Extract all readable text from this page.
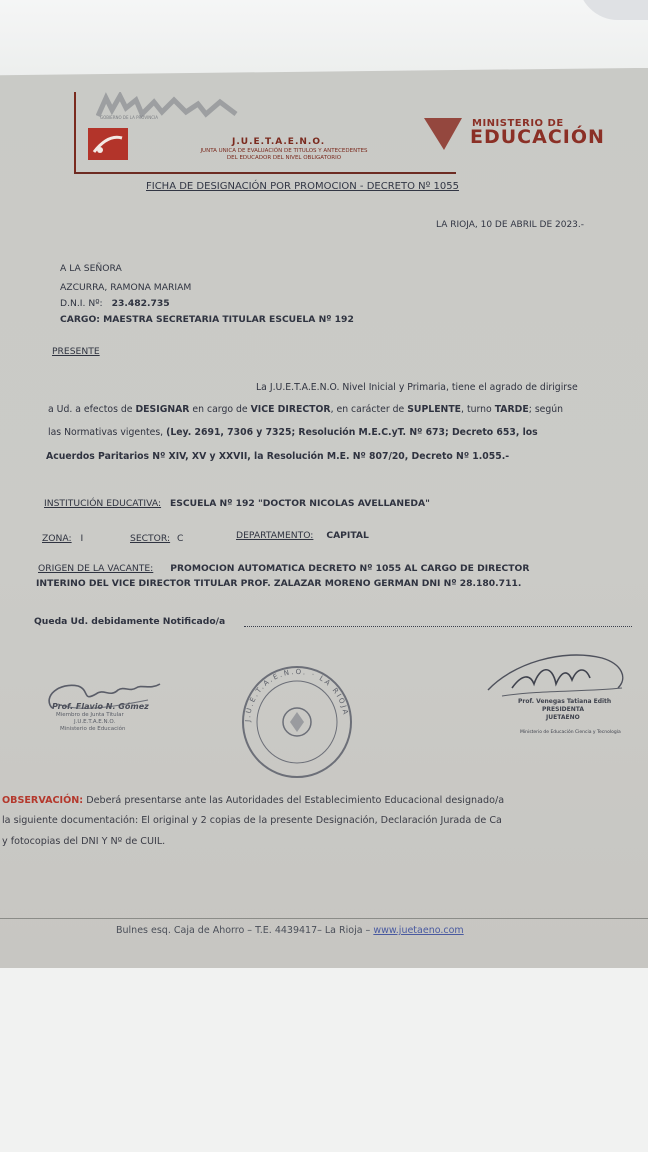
GOBIERNO DE LA PROVINCIA
J.U.E.T.A.E.N.O.
JUNTA UNICA DE EVALUACIÓN DE TITULOS Y ANTECEDENTES
DEL EDUCADOR DEL NIVEL OBLIGATORIO
MINISTERIO DE
EDUCACIÓN
FICHA DE DESIGNACIÓN POR PROMOCION - DECRETO Nº 1055
LA RIOJA, 10 DE ABRIL DE 2023.-
A LA SEÑORA
AZCURRA, RAMONA MARIAM
D.N.I. Nº: 23.482.735
CARGO: MAESTRA SECRETARIA TITULAR ESCUELA Nº 192
PRESENTE
La J.U.E.T.A.E.N.O. Nivel Inicial y Primaria, tiene el agrado de dirigirse
a Ud. a efectos de DESIGNAR en cargo de VICE DIRECTOR, en carácter de SUPLENTE, turno TARDE; según
las Normativas vigentes, (Ley. 2691, 7306 y 7325; Resolución M.E.C.yT. Nº 673; Decreto 653, los
Acuerdos Paritarios Nº XIV, XV y XXVII, la Resolución M.E. Nº 807/20, Decreto Nº 1.055.-
INSTITUCIÓN EDUCATIVA: ESCUELA Nº 192 "DOCTOR NICOLAS AVELLANEDA"
ZONA: I	SECTOR: C	DEPARTAMENTO: CAPITAL
ORIGEN DE LA VACANTE: PROMOCION AUTOMATICA DECRETO Nº 1055 AL CARGO DE DIRECTOR
INTERINO DEL VICE DIRECTOR TITULAR PROF. ZALAZAR MORENO GERMAN DNI Nº 28.180.711.
Queda Ud. debidamente Notificado/a
Prof. Flavio N. Gómez
Miembro de Junta Titular
J.U.E.T.A.E.N.O.
Ministerio de Educación
J.U.E.T.A.E.N.O. · LA RIOJA
Prof. Venegas Tatiana Edith
PRESIDENTA
JUETAENO
Ministerio de Educación Ciencia y Tecnología
OBSERVACIÓN: Deberá presentarse ante las Autoridades del Establecimiento Educacional designado/a
la siguiente documentación: El original y 2 copias de la presente Designación, Declaración Jurada de Ca
y fotocopias del DNI Y Nº de CUIL.
Bulnes esq. Caja de Ahorro – T.E. 4439417– La Rioja – www.juetaeno.com
